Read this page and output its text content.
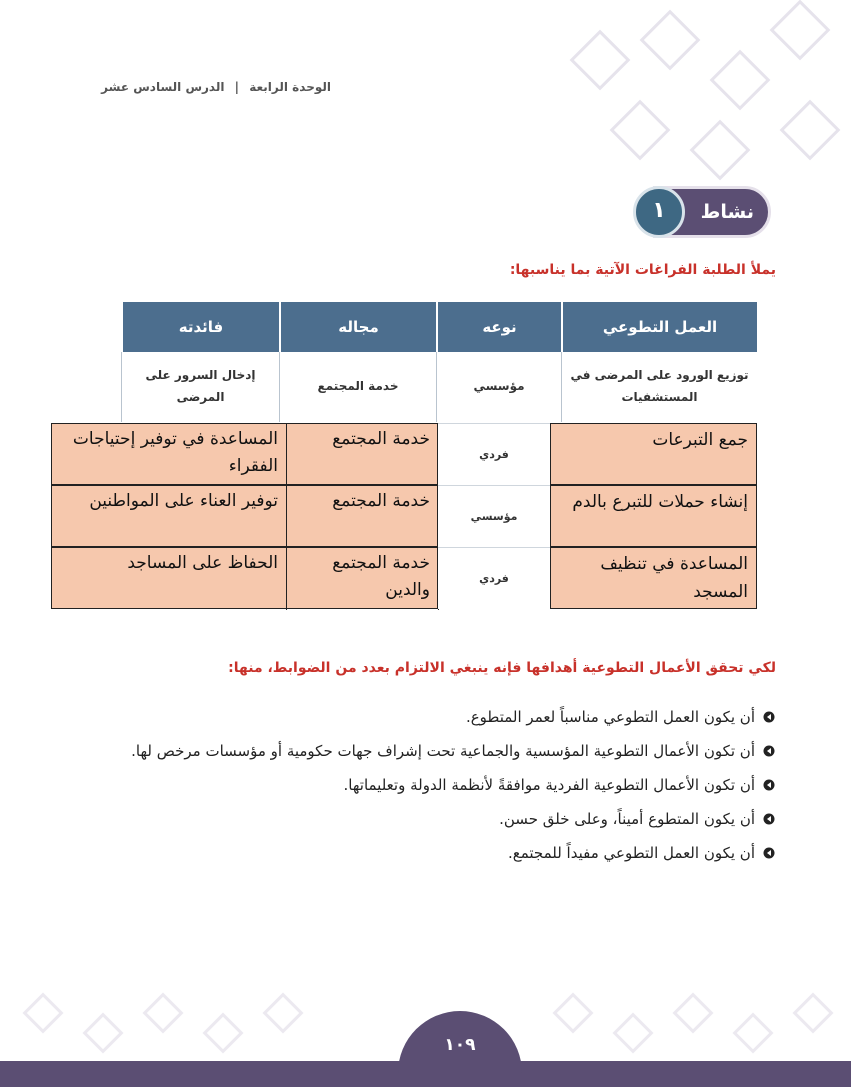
الوحدة الرابعة | الدرس السادس عشر
نشاط
١
يملأ الطلبة الفراغات الآتية بما يناسبها:
العمل التطوعي
نوعه
مجاله
فائدته
توزيع الورود على المرضى في المستشفيات
مؤسسي
خدمة المجتمع
إدخال السرور على المرضى
المساعدة في توفير إحتياجات الفقراء
خدمة المجتمع
فردي
جمع التبرعات
توفير العناء على المواطنين	خدمة المجتمع
مؤسسي
إنشاء حملات للتبرع بالدم
الحفاظ على المساجد	خدمة المجتمع والدين
فردي
المساعدة في تنظيف المسجد
لكي تحقق الأعمال التطوعية أهدافها فإنه ينبغي الالتزام بعدد من الضوابط، منها:
أن يكون العمل التطوعي مناسباً لعمر المتطوع.
أن تكون الأعمال التطوعية المؤسسية والجماعية تحت إشراف جهات حكومية أو مؤسسات مرخص لها.
أن تكون الأعمال التطوعية الفردية موافقةً لأنظمة الدولة وتعليماتها.
أن يكون المتطوع أميناً، وعلى خلق حسن.
أن يكون العمل التطوعي مفيداً للمجتمع.
١٠٩
